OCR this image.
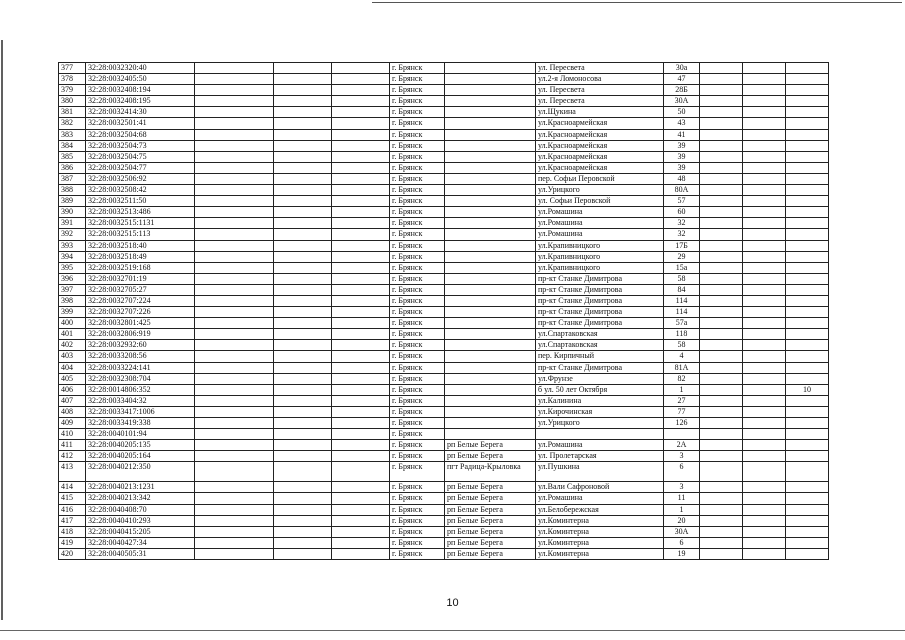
377	32:28:0032320:40				г. Брянск		ул. Пересвета	30а			
378	32:28:0032405:50				г. Брянск		ул.2-я Ломоносова	47			
379	32:28:0032408:194				г. Брянск		ул. Пересвета	28Б			
380	32:28:0032408:195				г. Брянск		ул. Пересвета	30А			
381	32:28:0032414:30				г. Брянск		ул.Щукина	50			
382	32:28:0032501:41				г. Брянск		ул.Красноармейская	43			
383	32:28:0032504:68				г. Брянск		ул.Красноармейская	41			
384	32:28:0032504:73				г. Брянск		ул.Красноармейская	39			
385	32:28:0032504:75				г. Брянск		ул.Красноармейская	39			
386	32:28:0032504:77				г. Брянск		ул.Красноармейская	39			
387	32:28:0032506:92				г. Брянск		пер. Софьи Перовской	48			
388	32:28:0032508:42				г. Брянск		ул.Урицкого	80А			
389	32:28:0032511:50				г. Брянск		ул. Софьи Перовской	57			
390	32:28:0032513:486				г. Брянск		ул.Ромашина	60			
391	32:28:0032515:1131				г. Брянск		ул.Ромашина	32			
392	32:28:0032515:113				г. Брянск		ул.Ромашина	32			
393	32:28:0032518:40				г. Брянск		ул.Крапивницкого	17Б			
394	32:28:0032518:49				г. Брянск		ул.Крапивницкого	29			
395	32:28:0032519:168				г. Брянск		ул.Крапивницкого	15а			
396	32:28:0032701:19				г. Брянск		пр-кт Станке Димитрова	58			
397	32:28:0032705:27				г. Брянск		пр-кт Станке Димитрова	84			
398	32:28:0032707:224				г. Брянск		пр-кт Станке Димитрова	114			
399	32:28:0032707:226				г. Брянск		пр-кт Станке Димитрова	114			
400	32:28:0032801:425				г. Брянск		пр-кт Станке Димитрова	57а			
401	32:28:0032806:919				г. Брянск		ул.Спартаковская	118			
402	32:28:0032932:60				г. Брянск		ул.Спартаковская	58			
403	32:28:0033208:56				г. Брянск		пер. Кирпичный	4			
404	32:28:0033224:141				г. Брянск		пр-кт Станке Димитрова	81А			
405	32:28:0032308:704				г. Брянск		ул.Фрунзе	82			
406	32:28:0014806:352				г. Брянск		б ул. 50 лет Октября	1			10
407	32:28:0033404:32				г. Брянск		ул.Калинина	27			
408	32:28:0033417:1006				г. Брянск		ул.Кирочинская	77			
409	32:28:0033419:338				г. Брянск		ул.Урицкого	126			
410	32:28:0040101:94				г. Брянск						
411	32:28:0040205:135				г. Брянск	рп Белые Берега	ул.Ромашина	2А			
412	32:28:0040205:164				г. Брянск	рп Белые Берега	ул. Пролетарская	3			
413	32:28:0040212:350				г. Брянск	пгт Радица-Крыловка	ул.Пушкина	6			
414	32:28:0040213:1231				г. Брянск	рп Белые Берега	ул.Вали Сафроновой	3			
415	32:28:0040213:342				г. Брянск	рп Белые Берега	ул.Ромашина	11			
416	32:28:0040408:70				г. Брянск	рп Белые Берега	ул.Белобережская	1			
417	32:28:0040410:293				г. Брянск	рп Белые Берега	ул.Коминтерна	20			
418	32:28:0040415:205				г. Брянск	рп Белые Берега	ул.Коминтерна	30А			
419	32:28:0040427:34				г. Брянск	рп Белые Берега	ул.Коминтерна	6			
420	32:28:0040505:31				г. Брянск	рп Белые Берега	ул.Коминтерна	19			
10
